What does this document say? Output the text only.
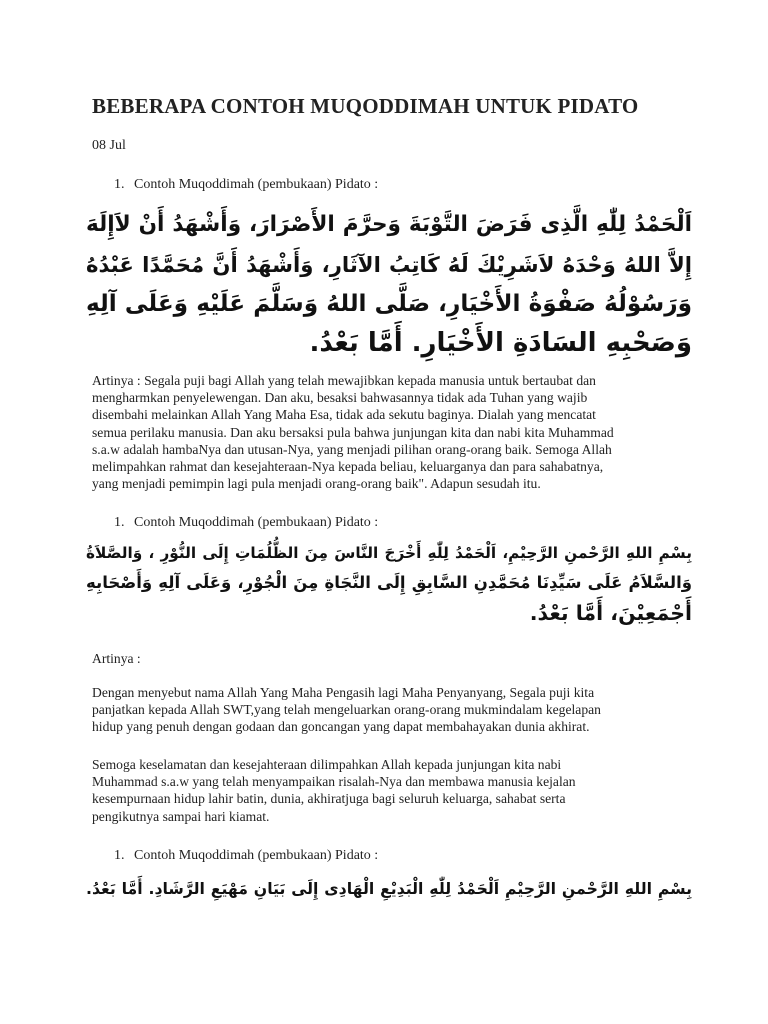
BEBERAPA CONTOH MUQODDIMAH UNTUK PIDATO
08 Jul
1. Contoh Muqoddimah (pembukaan) Pidato :
اَلْحَمْدُ لِلّٰهِ الَّذِى فَرَضَ التَّوْبَةَ وَحرَّمَ الأَصْرَارَ، وَأَشْهَدُ أَنْ لاَإِلَهَ
إِلاَّ اللهُ وَحْدَهُ لاَشَرِيْكَ لَهُ كَاتِبُ الآثَارِ، وَأَشْهَدُ أَنَّ مُحَمَّدًا عَبْدُهُ
وَرَسُوْلُهُ صَفْوَةُ الأَخْيَارِ، صَلَّى اللهُ وَسَلَّمَ عَلَيْهِ وَعَلَى آلِهِ
وَصَحْبِهِ السَادَةِ الأَخْيَارِ. أَمَّا بَعْدُ.
Artinya : Segala puji bagi Allah yang telah mewajibkan kepada manusia untuk bertaubat dan
mengharmkan penyelewengan. Dan aku, besaksi bahwasannya tidak ada Tuhan yang wajib
disembahi melainkan Allah Yang Maha Esa, tidak ada sekutu baginya. Dialah yang mencatat
semua perilaku manusia. Dan aku bersaksi pula bahwa junjungan kita dan nabi kita Muhammad
s.a.w adalah hambaNya dan utusan-Nya, yang menjadi pilihan orang-orang baik. Semoga Allah
melimpahkan rahmat dan kesejahteraan-Nya kepada beliau, keluarganya dan para sahabatnya,
yang menjadi pemimpin lagi pula menjadi orang-orang baik". Adapun sesudah itu.
1. Contoh Muqoddimah (pembukaan) Pidato :
بِسْمِ اللهِ الرَّحْمنِ الرَّحِيْمِ، اَلْحَمْدُ لِلّٰهِ أَخْرَجَ النَّاسَ مِنَ الظُّلُمَاتِ إِلَى النُّوْرِ ، وَالصَّلاَةُ
وَالسَّلاَمُ عَلَى سَيِّدِنَا مُحَمَّدِنِ السَّابِقِ إِلَى النَّجَاةِ مِنَ الْجُوْرِ، وَعَلَى آلِهِ وَأَصْحَابِهِ
أَجْمَعِيْنَ، أَمَّا بَعْدُ.
Artinya :
Dengan menyebut nama Allah Yang Maha Pengasih lagi Maha Penyanyang, Segala puji kita
panjatkan kepada Allah SWT,yang telah mengeluarkan orang-orang mukmindalam kegelapan
hidup yang penuh dengan godaan dan goncangan yang dapat membahayakan dunia akhirat.
Semoga keselamatan dan kesejahteraan dilimpahkan Allah kepada junjungan kita nabi
Muhammad s.a.w yang telah menyampaikan risalah-Nya dan membawa manusia kejalan
kesempurnaan hidup lahir batin, dunia, akhiratjuga bagi seluruh keluarga, sahabat serta
pengikutnya sampai hari kiamat.
1. Contoh Muqoddimah (pembukaan) Pidato :
بِسْمِ اللهِ الرَّحْمنِ الرَّحِيْمِ اَلْحَمْدُ لِلّٰهِ الْبَدِيْعِ الْهَادِى إِلَى بَيَانِ مَهْيَعِ الرَّشَادِ. أَمَّا بَعْدُ.
